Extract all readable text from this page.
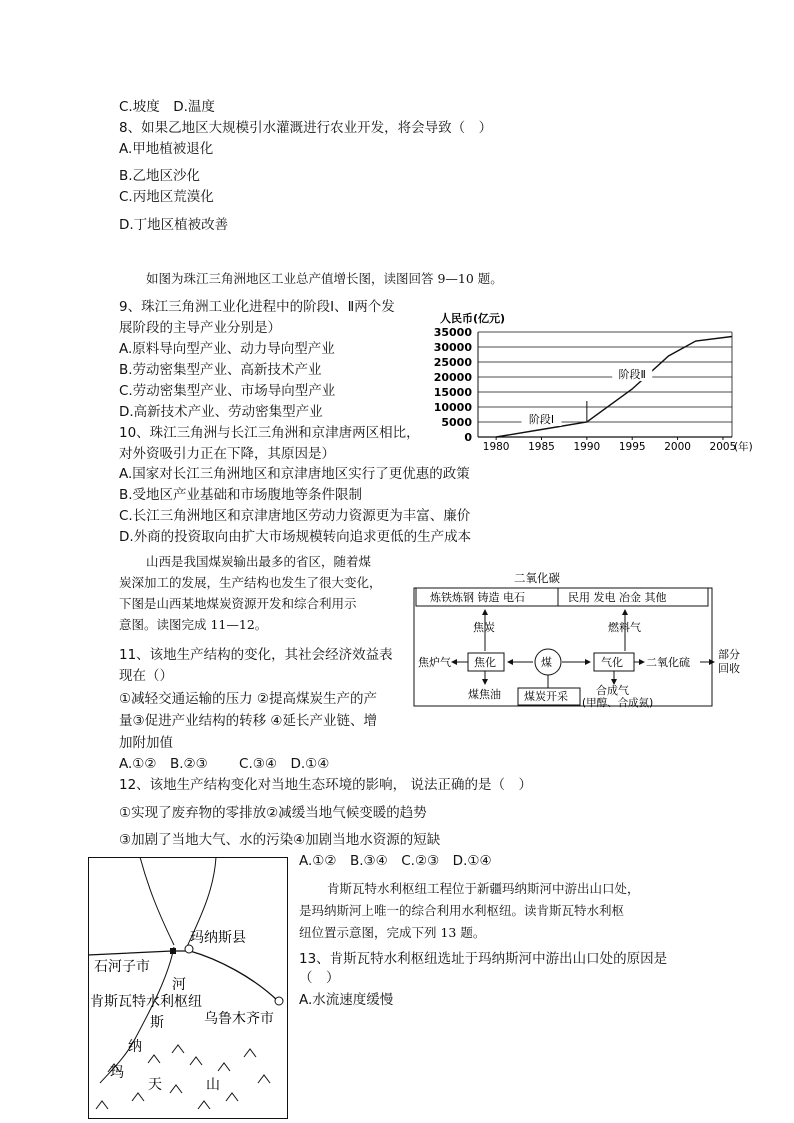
C.坡度　D.温度
8、如果乙地区大规模引水灌溉进行农业开发，将会导致（　）
A.甲地植被退化
B.乙地区沙化
C.丙地区荒漠化
D.丁地区植被改善
如图为珠江三角洲地区工业总产值增长图，读图回答 9—10 题。
9、珠江三角洲工业化进程中的阶段Ⅰ、Ⅱ两个发
展阶段的主导产业分别是）
A.原料导向型产业、动力导向型产业
B.劳动密集型产业、高新技术产业
C.劳动密集型产业、市场导向型产业
D.高新技术产业、劳动密集型产业
10、珠江三角洲与长江三角洲和京津唐两区相比，
对外资吸引力正在下降，其原因是）
A.国家对长江三角洲地区和京津唐地区实行了更优惠的政策
B.受地区产业基础和市场腹地等条件限制
C.长江三角洲地区和京津唐地区劳动力资源更为丰富、廉价
D.外商的投资取向由扩大市场规模转向追求更低的生产成本
山西是我国煤炭输出最多的省区，随着煤
炭深加工的发展，生产结构也发生了很大变化，
下图是山西某地煤炭资源开发和综合利用示
意图。读图完成 11—12。
11、该地生产结构的变化，其社会经济效益表
现在（）
①减轻交通运输的压力 ②提高煤炭生产的产
量③促进产业结构的转移 ④延长产业链、增
加附加值
A.①②　B.②③　　 C.③④　D.①④
12、该地生产结构变化对当地生态环境的影响， 说法正确的是（　）
①实现了废弃物的零排放②减缓当地气候变暖的趋势
③加剧了当地大气、水的污染④加剧当地水资源的短缺
A.①②　B.③④　C.②③　D.①④
肯斯瓦特水利枢纽工程位于新疆玛纳斯河中游出山口处，
是玛纳斯河上唯一的综合利用水利枢纽。读肯斯瓦特水利枢
纽位置示意图，完成下列 13 题。
13、肯斯瓦特水利枢纽选址于玛纳斯河中游出山口处的原因是
（　）
A.水流速度缓慢
人民币(亿元)
35000
30000
25000
20000
15000
10000
5000
0
1980 1985 1990 1995 2000 2005
(年)
阶段Ⅰ
阶段Ⅱ
二氧化碳
炼铁炼钢 铸造 电石	民用 发电 冶金 其他
焦炭	燃料气
焦炉气 焦化	煤	气化 二氧化硫
部分
回收
煤焦油 煤炭开采	合成气
(甲醇、合成氨)
玛纳斯县
石河子市
河
肯斯瓦特水利枢纽
乌鲁木齐市
斯
纳
玛
天	山
